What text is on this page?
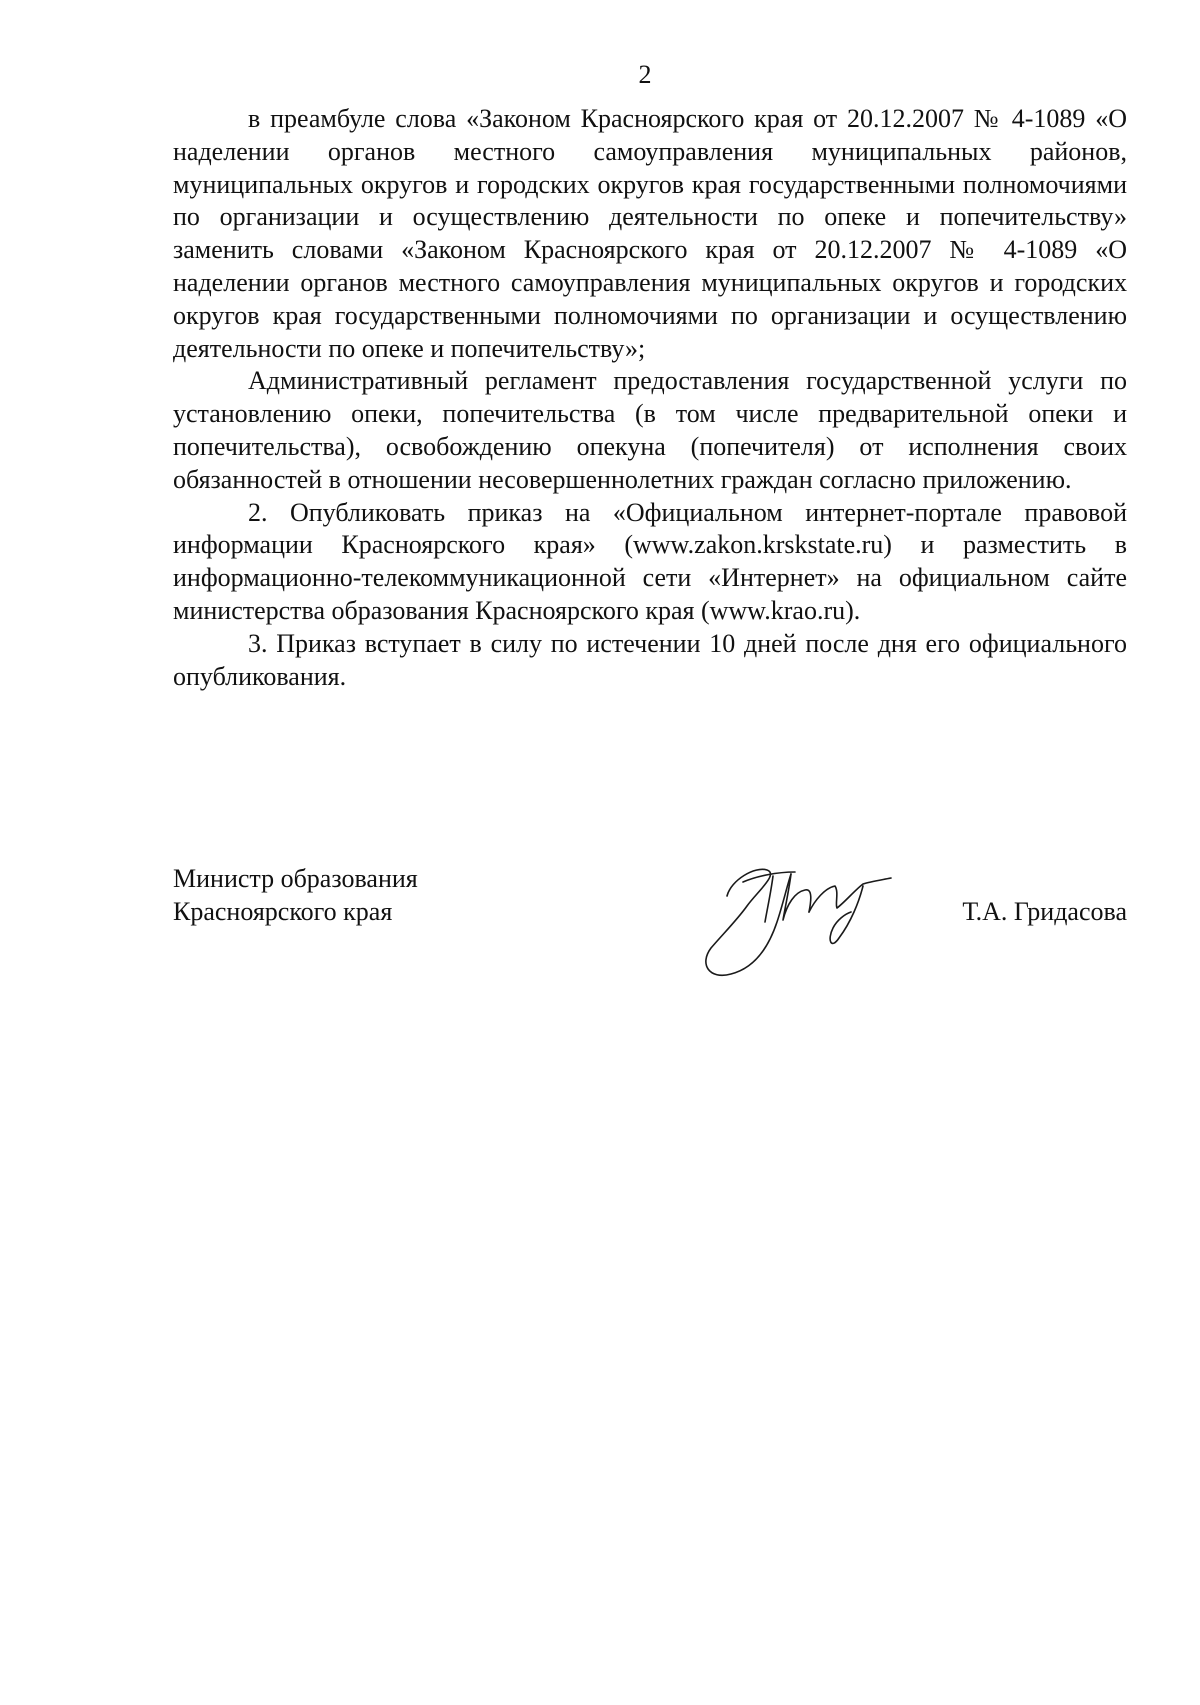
2

в преамбуле слова «Законом Красноярского края от 20.12.2007 № 4-1089 «О наделении органов местного самоуправления муниципальных районов, муниципальных округов и городских округов края государственными полномочиями по организации и осуществлению деятельности по опеке и попечительству» заменить словами «Законом Красноярского края от 20.12.2007 № 4-1089 «О наделении органов местного самоуправления муниципальных округов и городских округов края государственными полномочиями по организации и осуществлению деятельности по опеке и попечительству»;

Административный регламент предоставления государственной услуги по установлению опеки, попечительства (в том числе предварительной опеки и попечительства), освобождению опекуна (попечителя) от исполнения своих обязанностей в отношении несовершеннолетних граждан согласно приложению.

2. Опубликовать приказ на «Официальном интернет-портале правовой информации Красноярского края» (www.zakon.krskstate.ru) и разместить в информационно-телекоммуникационной сети «Интернет» на официальном сайте министерства образования Красноярского края (www.krao.ru).

3. Приказ вступает в силу по истечении 10 дней после дня его официального опубликования.

Министр образования
Красноярского края	Т.А. Гридасова
